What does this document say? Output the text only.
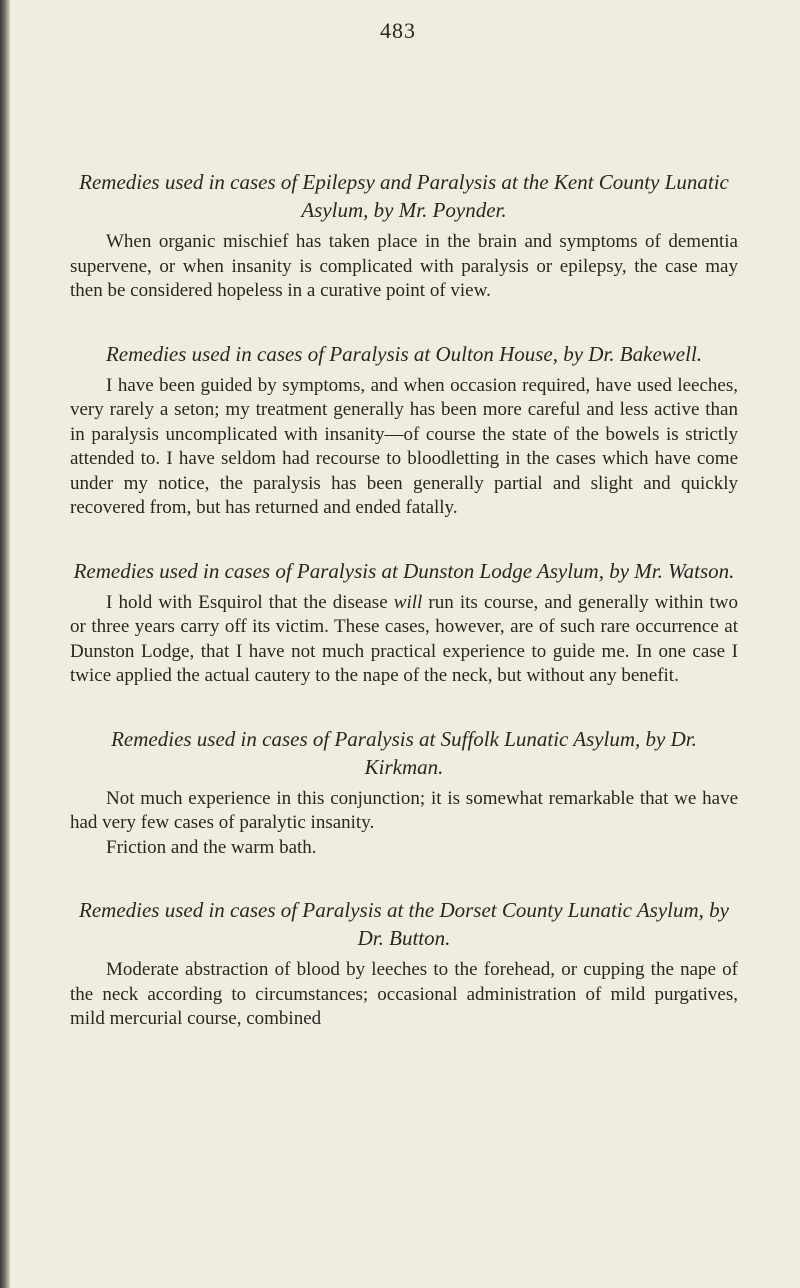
483

Remedies used in cases of Epilepsy and Paralysis at the Kent County Lunatic Asylum, by Mr. Poynder.

When organic mischief has taken place in the brain and symptoms of dementia supervene, or when insanity is complicated with paralysis or epilepsy, the case may then be considered hopeless in a curative point of view.

Remedies used in cases of Paralysis at Oulton House, by Dr. Bakewell.

I have been guided by symptoms, and when occasion required, have used leeches, very rarely a seton; my treatment generally has been more careful and less active than in paralysis uncomplicated with insanity—of course the state of the bowels is strictly attended to. I have seldom had recourse to bloodletting in the cases which have come under my notice, the paralysis has been generally partial and slight and quickly recovered from, but has returned and ended fatally.

Remedies used in cases of Paralysis at Dunston Lodge Asylum, by Mr. Watson.

I hold with Esquirol that the disease will run its course, and generally within two or three years carry off its victim. These cases, however, are of such rare occurrence at Dunston Lodge, that I have not much practical experience to guide me. In one case I twice applied the actual cautery to the nape of the neck, but without any benefit.

Remedies used in cases of Paralysis at Suffolk Lunatic Asylum, by Dr. Kirkman.

Not much experience in this conjunction; it is somewhat remarkable that we have had very few cases of paralytic insanity.

Friction and the warm bath.

Remedies used in cases of Paralysis at the Dorset County Lunatic Asylum, by Dr. Button.

Moderate abstraction of blood by leeches to the forehead, or cupping the nape of the neck according to circumstances; occasional administration of mild purgatives, mild mercurial course, combined
